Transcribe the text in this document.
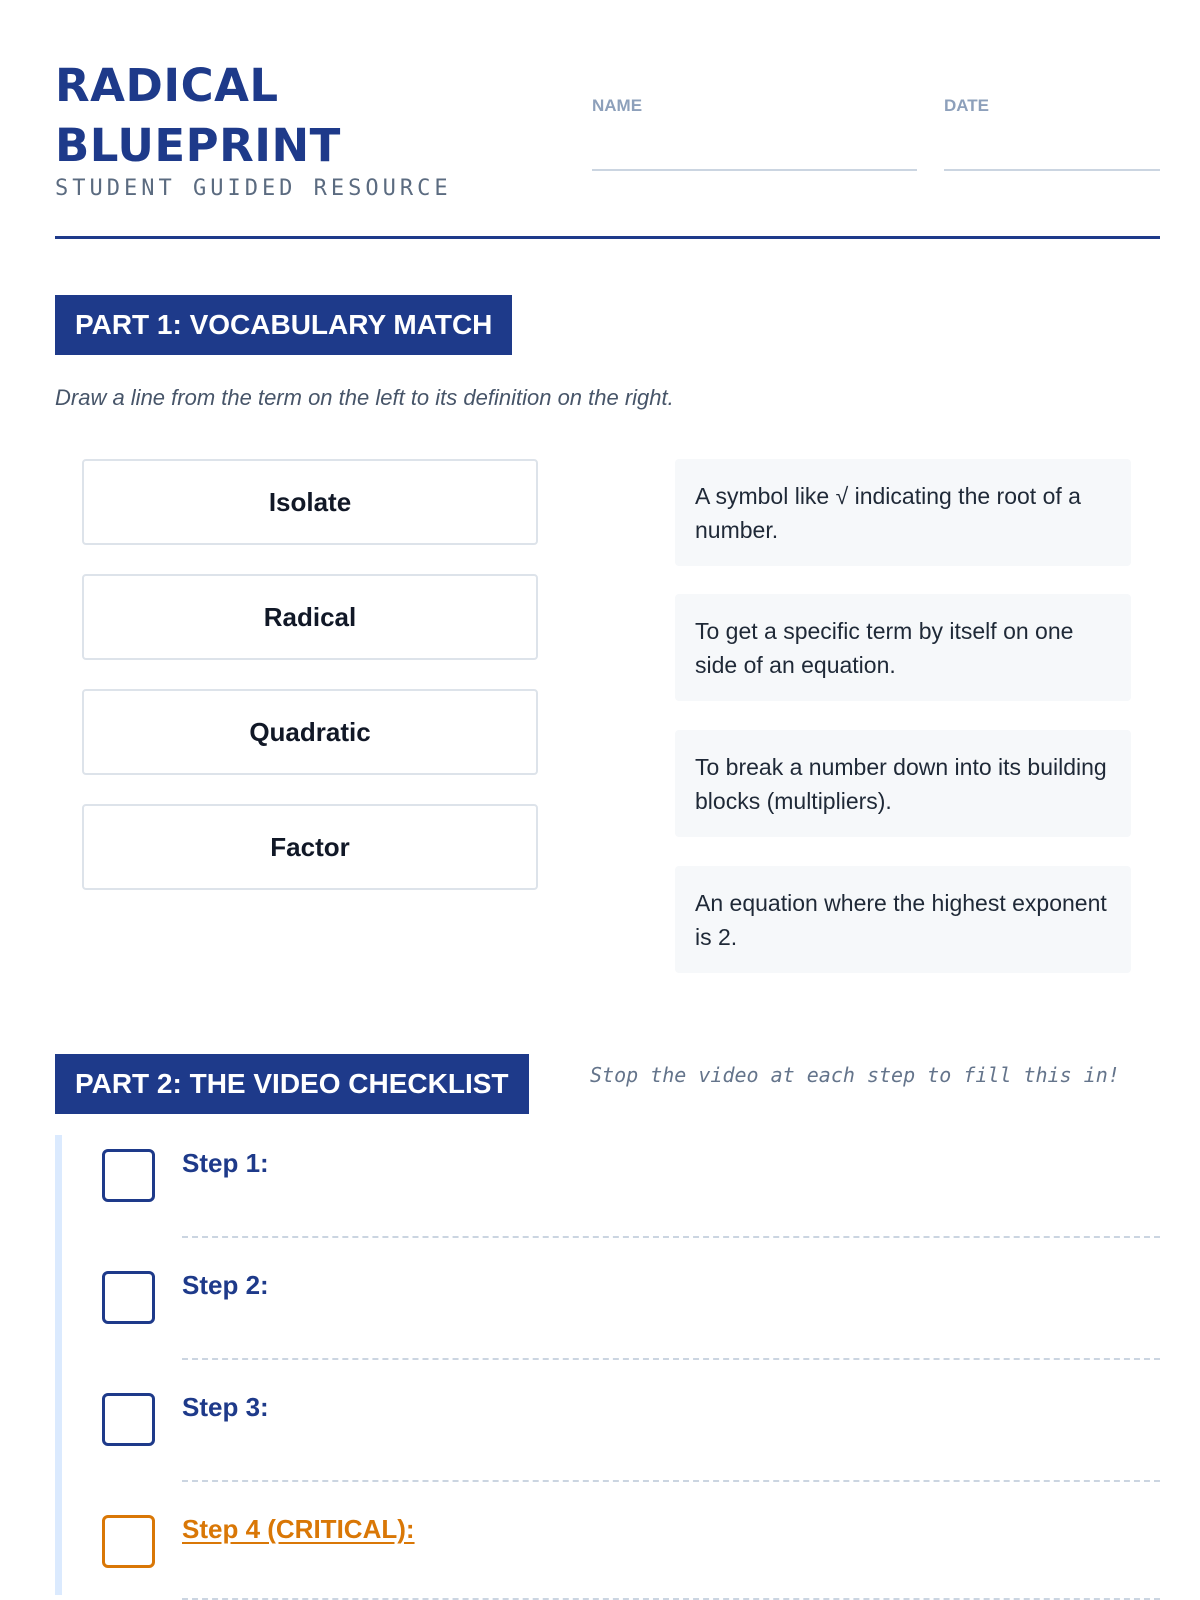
RADICAL
BLUEPRINT
STUDENT GUIDED RESOURCE
NAME	DATE
PART 1: VOCABULARY MATCH
Draw a line from the term on the left to its definition on the right.
Isolate
Radical
Quadratic
Factor
A symbol like √ indicating the root of a number.
To get a specific term by itself on one side of an equation.
To break a number down into its building blocks (multipliers).
An equation where the highest exponent is 2.
PART 2: THE VIDEO CHECKLIST	Stop the video at each step to fill this in!
Step 1:
Step 2:
Step 3:
Step 4 (CRITICAL):
